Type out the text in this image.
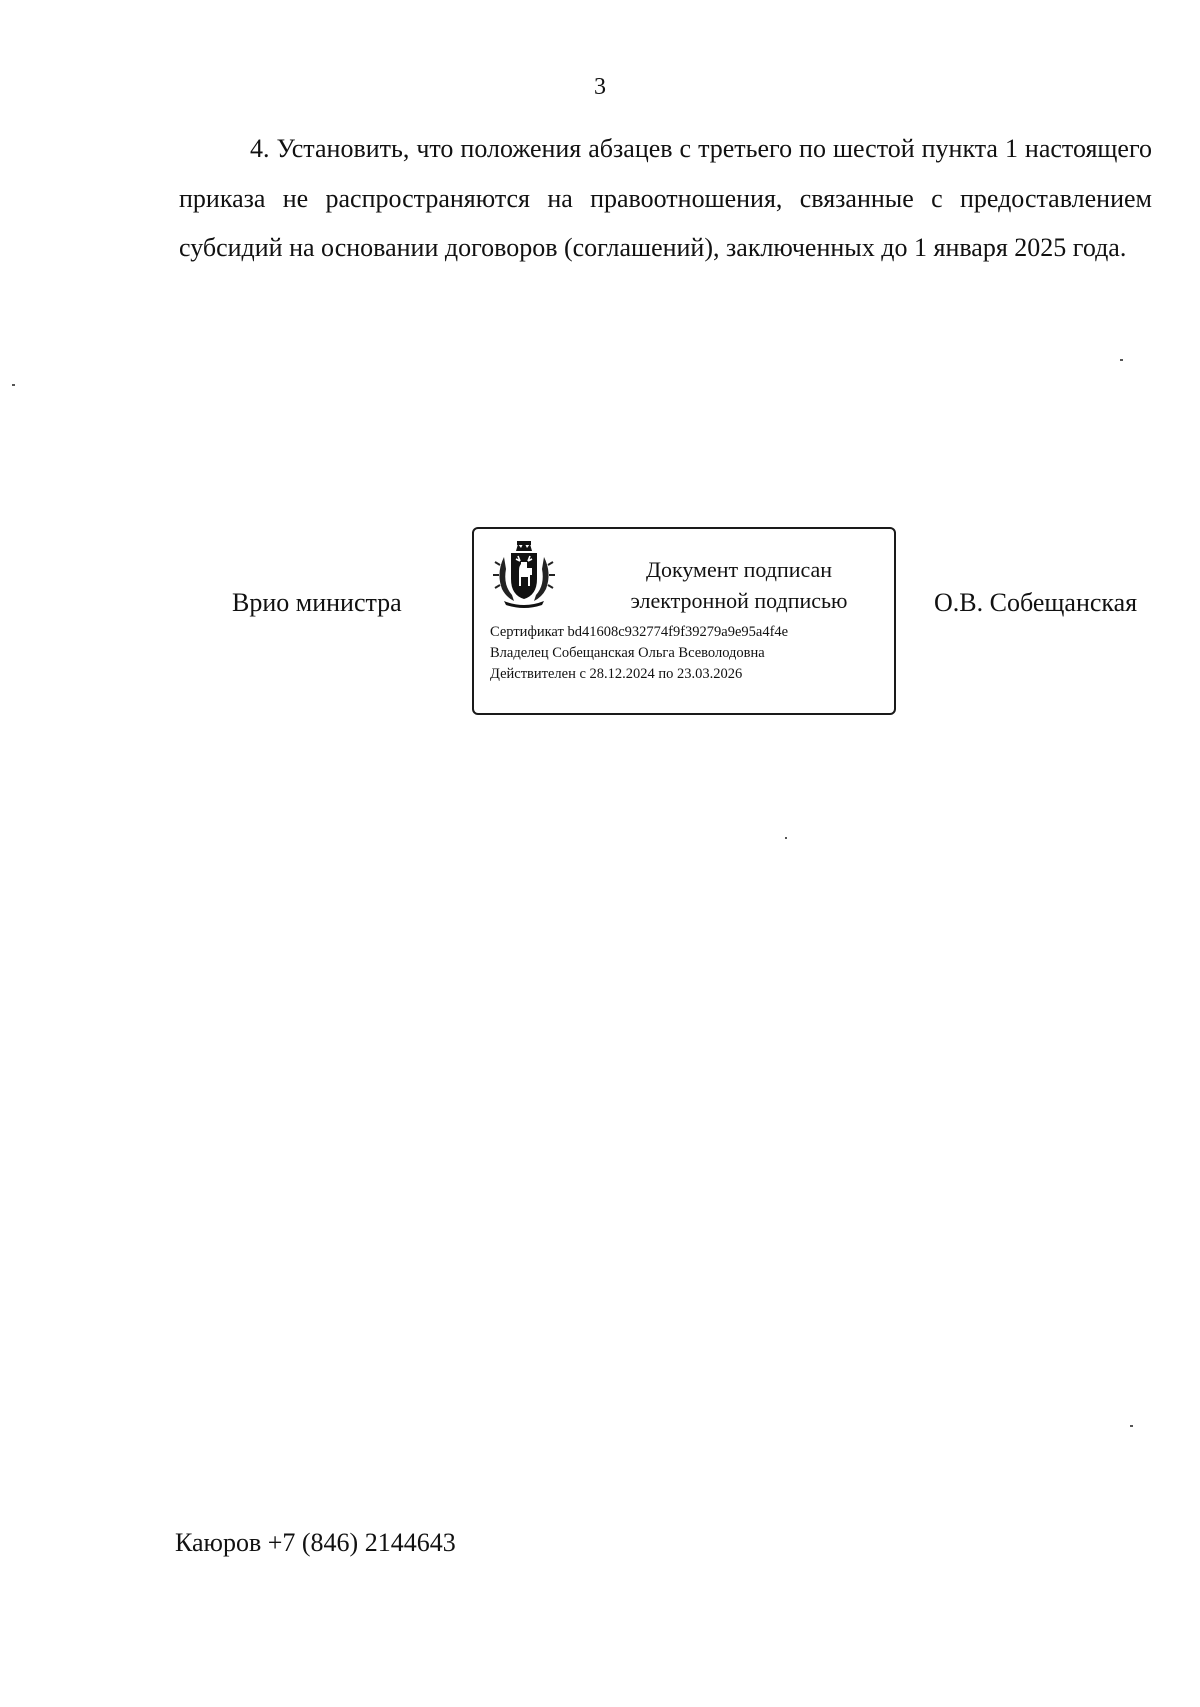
3

4. Установить, что положения абзацев с третьего по шестой пункта 1 настоящего приказа не распространяются на правоотношения, связанные с предоставлением субсидий на основании договоров (соглашений), заключенных до 1 января 2025 года.

Врио министра
Документ подписан
электронной подписью
Сертификат bd41608c932774f9f39279a9e95a4f4e
Владелец Собещанская Ольга Всеволодовна
Действителен с 28.12.2024 по 23.03.2026
О.В. Собещанская
Каюров +7 (846) 2144643
